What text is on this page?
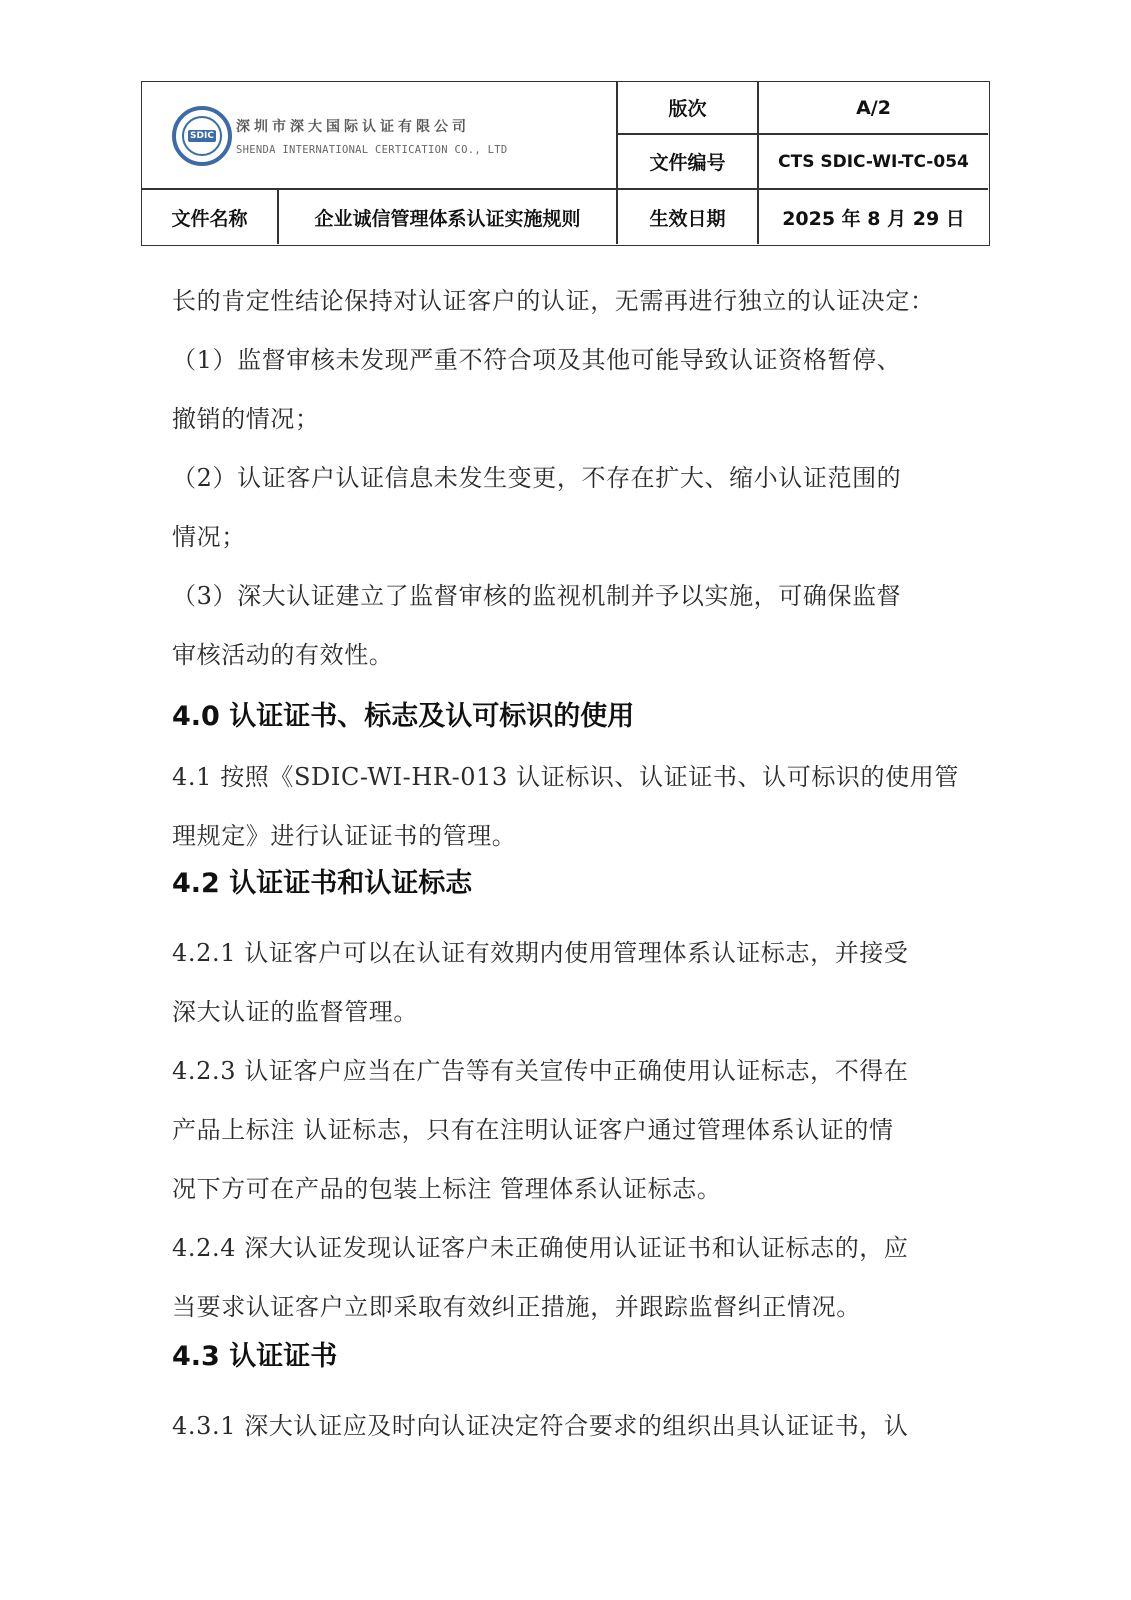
SDIC
深圳市深大国际认证有限公司
SHENDA INTERNATIONAL CERTICATION CO., LTD
版次	A/2
文件编号	CTS SDIC-WI-TC-054
文件名称	企业诚信管理体系认证实施规则	生效日期	2025 年 8 月 29 日
长的肯定性结论保持对认证客户的认证，无需再进行独立的认证决定：
（1）监督审核未发现严重不符合项及其他可能导致认证资格暂停、
撤销的情况；
（2）认证客户认证信息未发生变更，不存在扩大、缩小认证范围的
情况；
（3）深大认证建立了监督审核的监视机制并予以实施，可确保监督
审核活动的有效性。
4.0 认证证书、标志及认可标识的使用
4.1 按照《SDIC-WI-HR-013 认证标识、认证证书、认可标识的使用管
理规定》进行认证证书的管理。
4.2 认证证书和认证标志
4.2.1 认证客户可以在认证有效期内使用管理体系认证标志，并接受
深大认证的监督管理。
4.2.3 认证客户应当在广告等有关宣传中正确使用认证标志，不得在
产品上标注 认证标志，只有在注明认证客户通过管理体系认证的情
况下方可在产品的包装上标注 管理体系认证标志。
4.2.4 深大认证发现认证客户未正确使用认证证书和认证标志的，应
当要求认证客户立即采取有效纠正措施，并跟踪监督纠正情况。
4.3 认证证书
4.3.1 深大认证应及时向认证决定符合要求的组织出具认证证书，认
